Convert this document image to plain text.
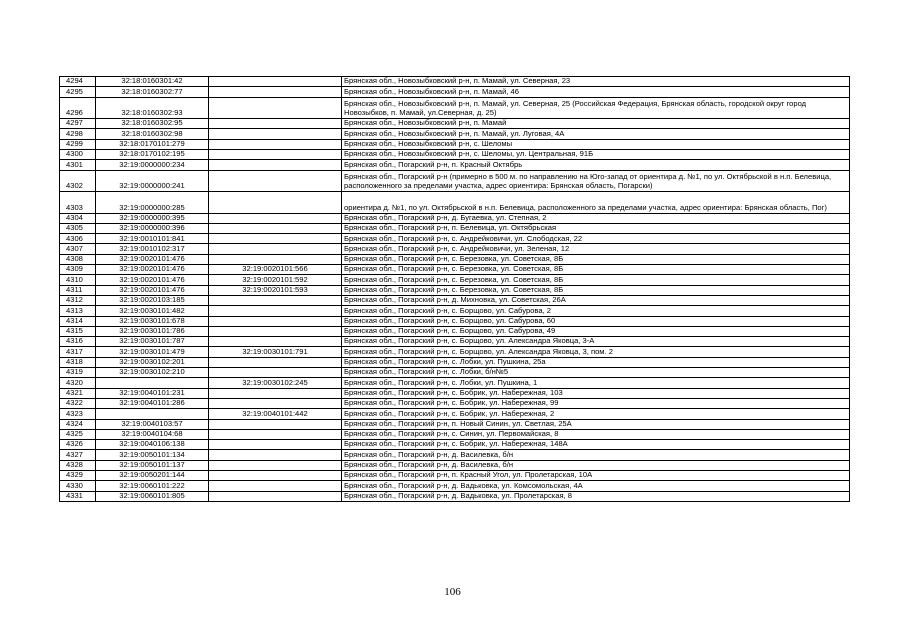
4294	32:18:0160301:42		Брянская обл., Новозыбковский р-н, п. Мамай, ул. Северная, 23
4295	32:18:0160302:77		Брянская обл., Новозыбковский р-н, п. Мамай, 46
4296	32:18:0160302:93		Брянская обл., Новозыбковский р-н, п. Мамай, ул. Северная, 25 (Российская Федерация, Брянская область, городской округ город Новозыбков, п. Мамай, ул.Северная, д. 25)
4297	32:18:0160302:95		Брянская обл., Новозыбковский р-н, п. Мамай
4298	32:18:0160302:98		Брянская обл., Новозыбковский р-н, п. Мамай, ул. Луговая, 4А
4299	32:18:0170101:279		Брянская обл., Новозыбковский р-н, с. Шеломы
4300	32:18:0170102:195		Брянская обл., Новозыбковский р-н, с. Шеломы, ул. Центральная, 91Б
4301	32:19:0000000:234		Брянская обл., Погарский р-н, п. Красный Октябрь
4302	32:19:0000000:241		Брянская обл., Погарский р-н (примерно в 500 м. по направлению на Юго-запад от ориентира д. №1, по ул. Октябрьской в н.п. Белевица, расположенного за пределами участка, адрес ориентира: Брянская область, Погарски)
4303	32:19:0000000:285		ориентира д. №1, по ул. Октябрьской в н.п. Белевица, расположенного за пределами участка, адрес ориентира: Брянская область, Пог)
4304	32:19:0000000:395		Брянская обл., Погарский р-н, д. Бугаевка, ул. Степная, 2
4305	32:19:0000000:396		Брянская обл., Погарский р-н, п. Белевица, ул. Октябрьская
4306	32:19:0010101:841		Брянская обл., Погарский р-н, с. Андрейковичи, ул. Слободская, 22
4307	32:19:0010102:317		Брянская обл., Погарский р-н, с. Андрейковичи, ул. Зеленая, 12
4308	32:19:0020101:476		Брянская обл., Погарский р-н, с. Березовка, ул. Советская, 8Б
4309	32:19:0020101:476	32:19:0020101:566	Брянская обл., Погарский р-н, с. Березовка, ул. Советская, 8Б
4310	32:19:0020101:476	32:19:0020101:592	Брянская обл., Погарский р-н, с. Березовка, ул. Советская, 8Б
4311	32:19:0020101:476	32:19:0020101:593	Брянская обл., Погарский р-н, с. Березовка, ул. Советская, 8Б
4312	32:19:0020103:185		Брянская обл., Погарский р-н, д. Михновка, ул. Советская, 26А
4313	32:19:0030101:482		Брянская обл., Погарский р-н, с. Борщово, ул. Сабурова, 2
4314	32:19:0030101:678		Брянская обл., Погарский р-н, с. Борщово, ул. Сабурова, 60
4315	32:19:0030101:786		Брянская обл., Погарский р-н, с. Борщово, ул. Сабурова, 49
4316	32:19:0030101:787		Брянская обл., Погарский р-н, с. Борщово, ул. Александра Яковца, 3-А
4317	32:19:0030101:479	32:19:0030101:791	Брянская обл., Погарский р-н, с. Борщово, ул. Александра Яковца, 3, пом. 2
4318	32:19:0030102:201		Брянская обл., Погарский р-н, с. Лобки, ул. Пушкина, 25а
4319	32:19:0030102:210		Брянская обл., Погарский р-н, с. Лобки, б/н№5
4320		32:19:0030102:245	Брянская обл., Погарский р-н, с. Лобки, ул. Пушкина, 1
4321	32:19:0040101:231		Брянская обл., Погарский р-н, с. Бобрик, ул. Набережная, 103
4322	32:19:0040101:286		Брянская обл., Погарский р-н, с. Бобрик, ул. Набережная, 99
4323		32:19:0040101:442	Брянская обл., Погарский р-н, с. Бобрик, ул. Набережная, 2
4324	32:19:0040103:57		Брянская обл., Погарский р-н, п. Новый Синин, ул. Светлая, 25А
4325	32:19:0040104:68		Брянская обл., Погарский р-н, с. Синин, ул. Первомайская, 8
4326	32:19:0040106:138		Брянская обл., Погарский р-н, с. Бобрик, ул. Набережная, 148А
4327	32:19:0050101:134		Брянская обл., Погарский р-н, д. Василевка, б/н
4328	32:19:0050101:137		Брянская обл., Погарский р-н, д. Василевка, б/н
4329	32:19:0050201:144		Брянская обл., Погарский р-н, п. Красный Угол, ул. Пролетарская, 10А
4330	32:19:0060101:222		Брянская обл., Погарский р-н, д. Вадьковка, ул. Комсомольская, 4А
4331	32:19:0060101:805		Брянская обл., Погарский р-н, д. Вадьковка, ул. Пролетарская, 8
106
